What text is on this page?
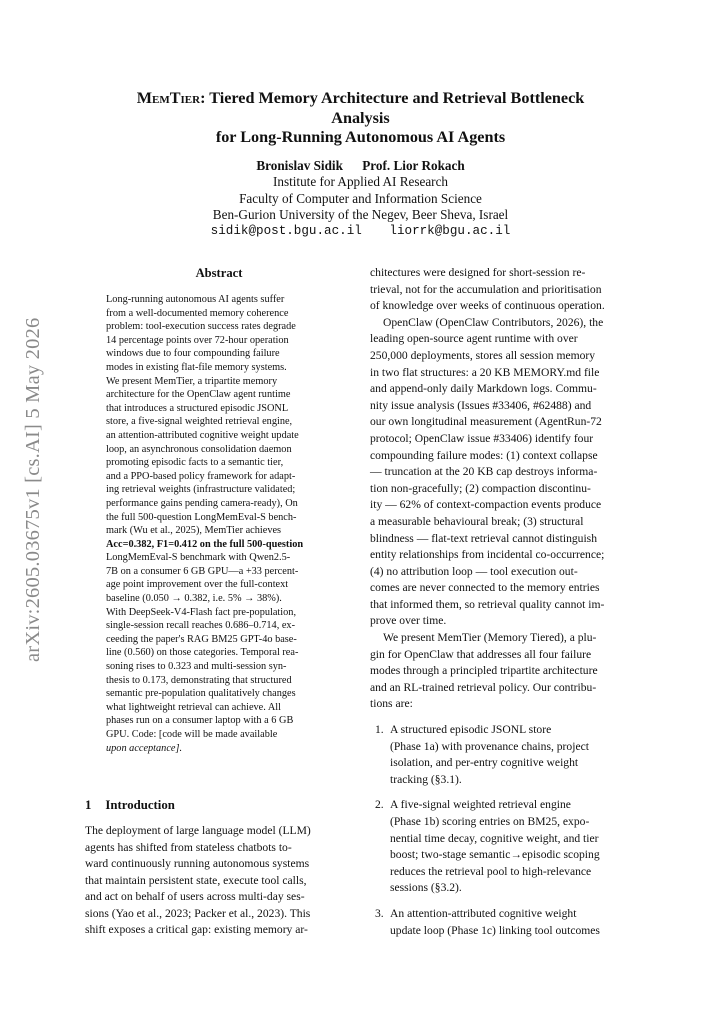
arXiv:2605.03675v1 [cs.AI] 5 May 2026
MemTier: Tiered Memory Architecture and Retrieval Bottleneck
Analysis
for Long-Running Autonomous AI Agents
Bronislav Sidik Prof. Lior Rokach
Institute for Applied AI Research
Faculty of Computer and Information Science
Ben-Gurion University of the Negev, Beer Sheva, Israel
sidik@post.bgu.ac.il liorrk@bgu.ac.il
Abstract
Long-running autonomous AI agents suffer
from a well-documented memory coherence
problem: tool-execution success rates degrade
14 percentage points over 72-hour operation
windows due to four compounding failure
modes in existing flat-file memory systems.
We present MemTier, a tripartite memory
architecture for the OpenClaw agent runtime
that introduces a structured episodic JSONL
store, a five-signal weighted retrieval engine,
an attention-attributed cognitive weight update
loop, an asynchronous consolidation daemon
promoting episodic facts to a semantic tier,
and a PPO-based policy framework for adapt-
ing retrieval weights (infrastructure validated;
performance gains pending camera-ready), On
the full 500-question LongMemEval-S bench-
mark (Wu et al., 2025), MemTier achieves
Acc=0.382, F1=0.412 on the full 500-question
LongMemEval-S benchmark with Qwen2.5-
7B on a consumer 6 GB GPU—a +33 percent-
age point improvement over the full-context
baseline (0.050 → 0.382, i.e. 5% → 38%).
With DeepSeek-V4-Flash fact pre-population,
single-session recall reaches 0.686–0.714, ex-
ceeding the paper's RAG BM25 GPT-4o base-
line (0.560) on those categories. Temporal rea-
soning rises to 0.323 and multi-session syn-
thesis to 0.173, demonstrating that structured
semantic pre-population qualitatively changes
what lightweight retrieval can achieve. All
phases run on a consumer laptop with a 6 GB
GPU. Code: [code will be made available
upon acceptance].
1 Introduction
The deployment of large language model (LLM)
agents has shifted from stateless chatbots to-
ward continuously running autonomous systems
that maintain persistent state, execute tool calls,
and act on behalf of users across multi-day ses-
sions (Yao et al., 2023; Packer et al., 2023). This
shift exposes a critical gap: existing memory ar-
chitectures were designed for short-session re-
trieval, not for the accumulation and prioritisation
of knowledge over weeks of continuous operation.
OpenClaw (OpenClaw Contributors, 2026), the
leading open-source agent runtime with over
250,000 deployments, stores all session memory
in two flat structures: a 20 KB MEMORY.md file
and append-only daily Markdown logs. Commu-
nity issue analysis (Issues #33406, #62488) and
our own longitudinal measurement (AgentRun-72
protocol; OpenClaw issue #33406) identify four
compounding failure modes: (1) context collapse
— truncation at the 20 KB cap destroys informa-
tion non-gracefully; (2) compaction discontinu-
ity — 62% of context-compaction events produce
a measurable behavioural break; (3) structural
blindness — flat-text retrieval cannot distinguish
entity relationships from incidental co-occurrence;
(4) no attribution loop — tool execution out-
comes are never connected to the memory entries
that informed them, so retrieval quality cannot im-
prove over time.
We present MemTier (Memory Tiered), a plu-
gin for OpenClaw that addresses all four failure
modes through a principled tripartite architecture
and an RL-trained retrieval policy. Our contribu-
tions are:
1. A structured episodic JSONL store
(Phase 1a) with provenance chains, project
isolation, and per-entry cognitive weight
tracking (§3.1).
2. A five-signal weighted retrieval engine
(Phase 1b) scoring entries on BM25, expo-
nential time decay, cognitive weight, and tier
boost; two-stage semantic→episodic scoping
reduces the retrieval pool to high-relevance
sessions (§3.2).
3. An attention-attributed cognitive weight
update loop (Phase 1c) linking tool outcomes
